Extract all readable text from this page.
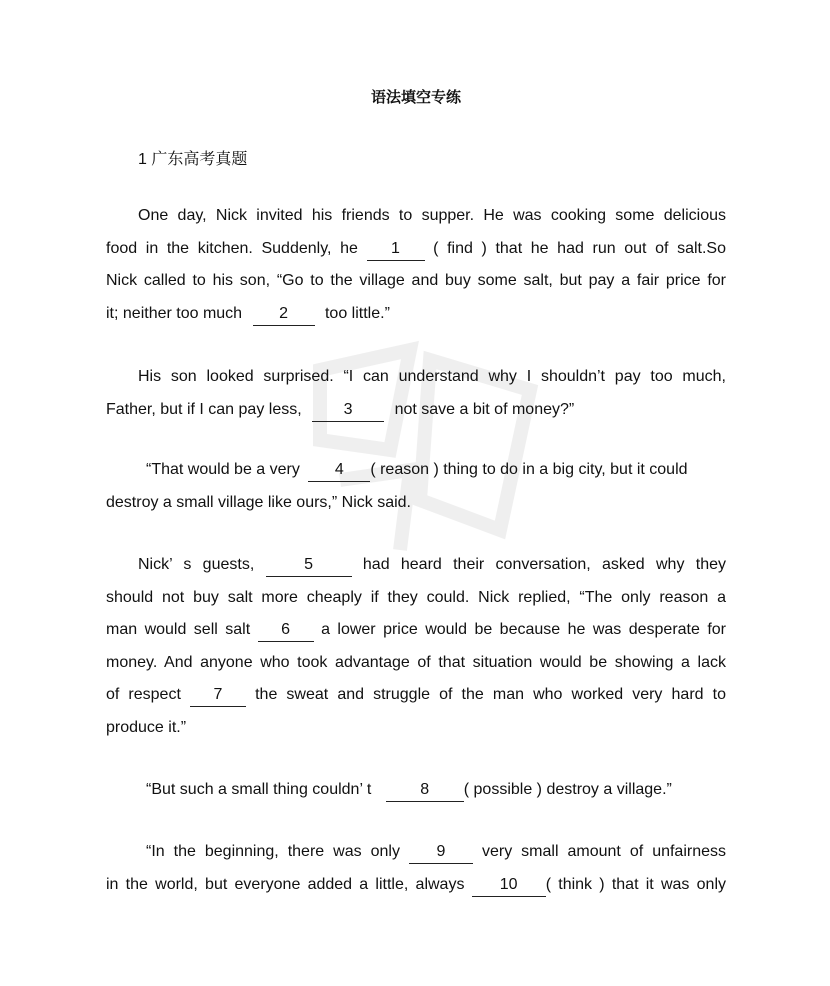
语法填空专练
1 广东高考真题
One day, Nick invited his friends to supper. He was cooking some delicious
food in the kitchen. Suddenly, he 1 ( find ) that he had run out of salt.So
Nick called to his son, “Go to the village and buy some salt, but pay a fair price for
it; neither too much 2 too little.”
His son looked surprised. “I can understand why I shouldn’t pay too much,
Father, but if I can pay less,	3	not save a bit of money?”
“That would be a very 4 ( reason ) thing to do in a big city, but it could
destroy a small village like ours,” Nick said.
Nick’ s guests,	5	had heard their conversation, asked why they
should not buy salt more cheaply if they could. Nick replied, “The only reason a
man would sell salt 6 a lower price would be because he was desperate for
money. And anyone who took advantage of that situation would be showing a lack
of respect 7 the sweat and struggle of the man who worked very hard to
produce it.”
“But such a small thing couldn’ t	8 ( possible ) destroy a village.”
“In the beginning, there was only 9 very small amount of unfairness
in the world, but everyone added a little, always 10 ( think ) that it was only
